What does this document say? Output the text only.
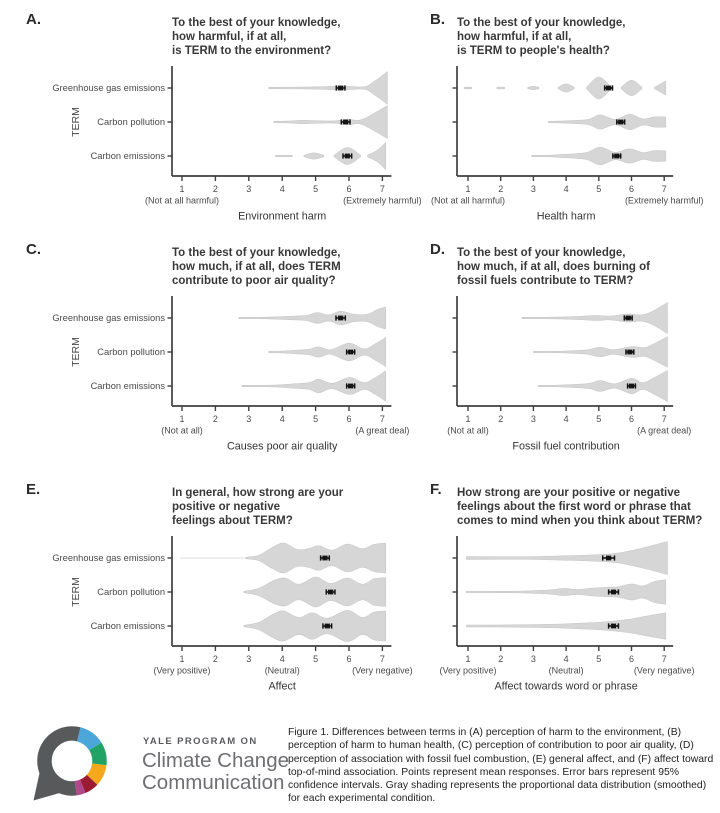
A.	To the best of your knowledge,
how harmful, if at all,
is TERM to the environment?
1	2	3	4	5	6	7
(Not at all harmful)	(Extremely harmful)
Environment harm
Greenhouse gas emissions
Carbon pollution
Carbon emissions
TERM
B. To the best of your knowledge,
how harmful, if at all,
is TERM to people's health?
1	2	3	4	5	6	7
(Not at all harmful)	(Extremely harmful)
Health harm
C.	To the best of your knowledge,
how much, if at all, does TERM
contribute to poor air quality?
1	2	3	4	5	6	7
(Not at all)	(A great deal)
Causes poor air quality
Greenhouse gas emissions
Carbon pollution
Carbon emissions
TERM
D. To the best of your knowledge,
how much, if at all, does burning of
fossil fuels contribute to TERM?
1	2	3	4	5	6	7
(Not at all)	(A great deal)
Fossil fuel contribution
E.	In general, how strong are your
positive or negative
feelings about TERM?
1	2	3	4	5	6	7
(Very positive)	(Neutral)	(Very negative)
Affect
Greenhouse gas emissions
Carbon pollution
Carbon emissions
TERM
F. How strong are your positive or negative
feelings about the first word or phrase that
comes to mind when you think about TERM?
1	2	3	4	5	6	7
(Very positive)	(Neutral)	(Very negative)
Affect towards word or phrase

YALE PROGRAM ON

Climate Change

Communication

Figure 1. Differences between terms in (A) perception of harm to the environment, (B) perception of harm to human health, (C) perception of contribution to poor air quality, (D) perception of association with fossil fuel combustion, (E) general affect, and (F) affect toward top-of-mind association. Points represent mean responses. Error bars represent 95% confidence intervals. Gray shading represents the proportional data distribution (smoothed) for each experimental condition.
